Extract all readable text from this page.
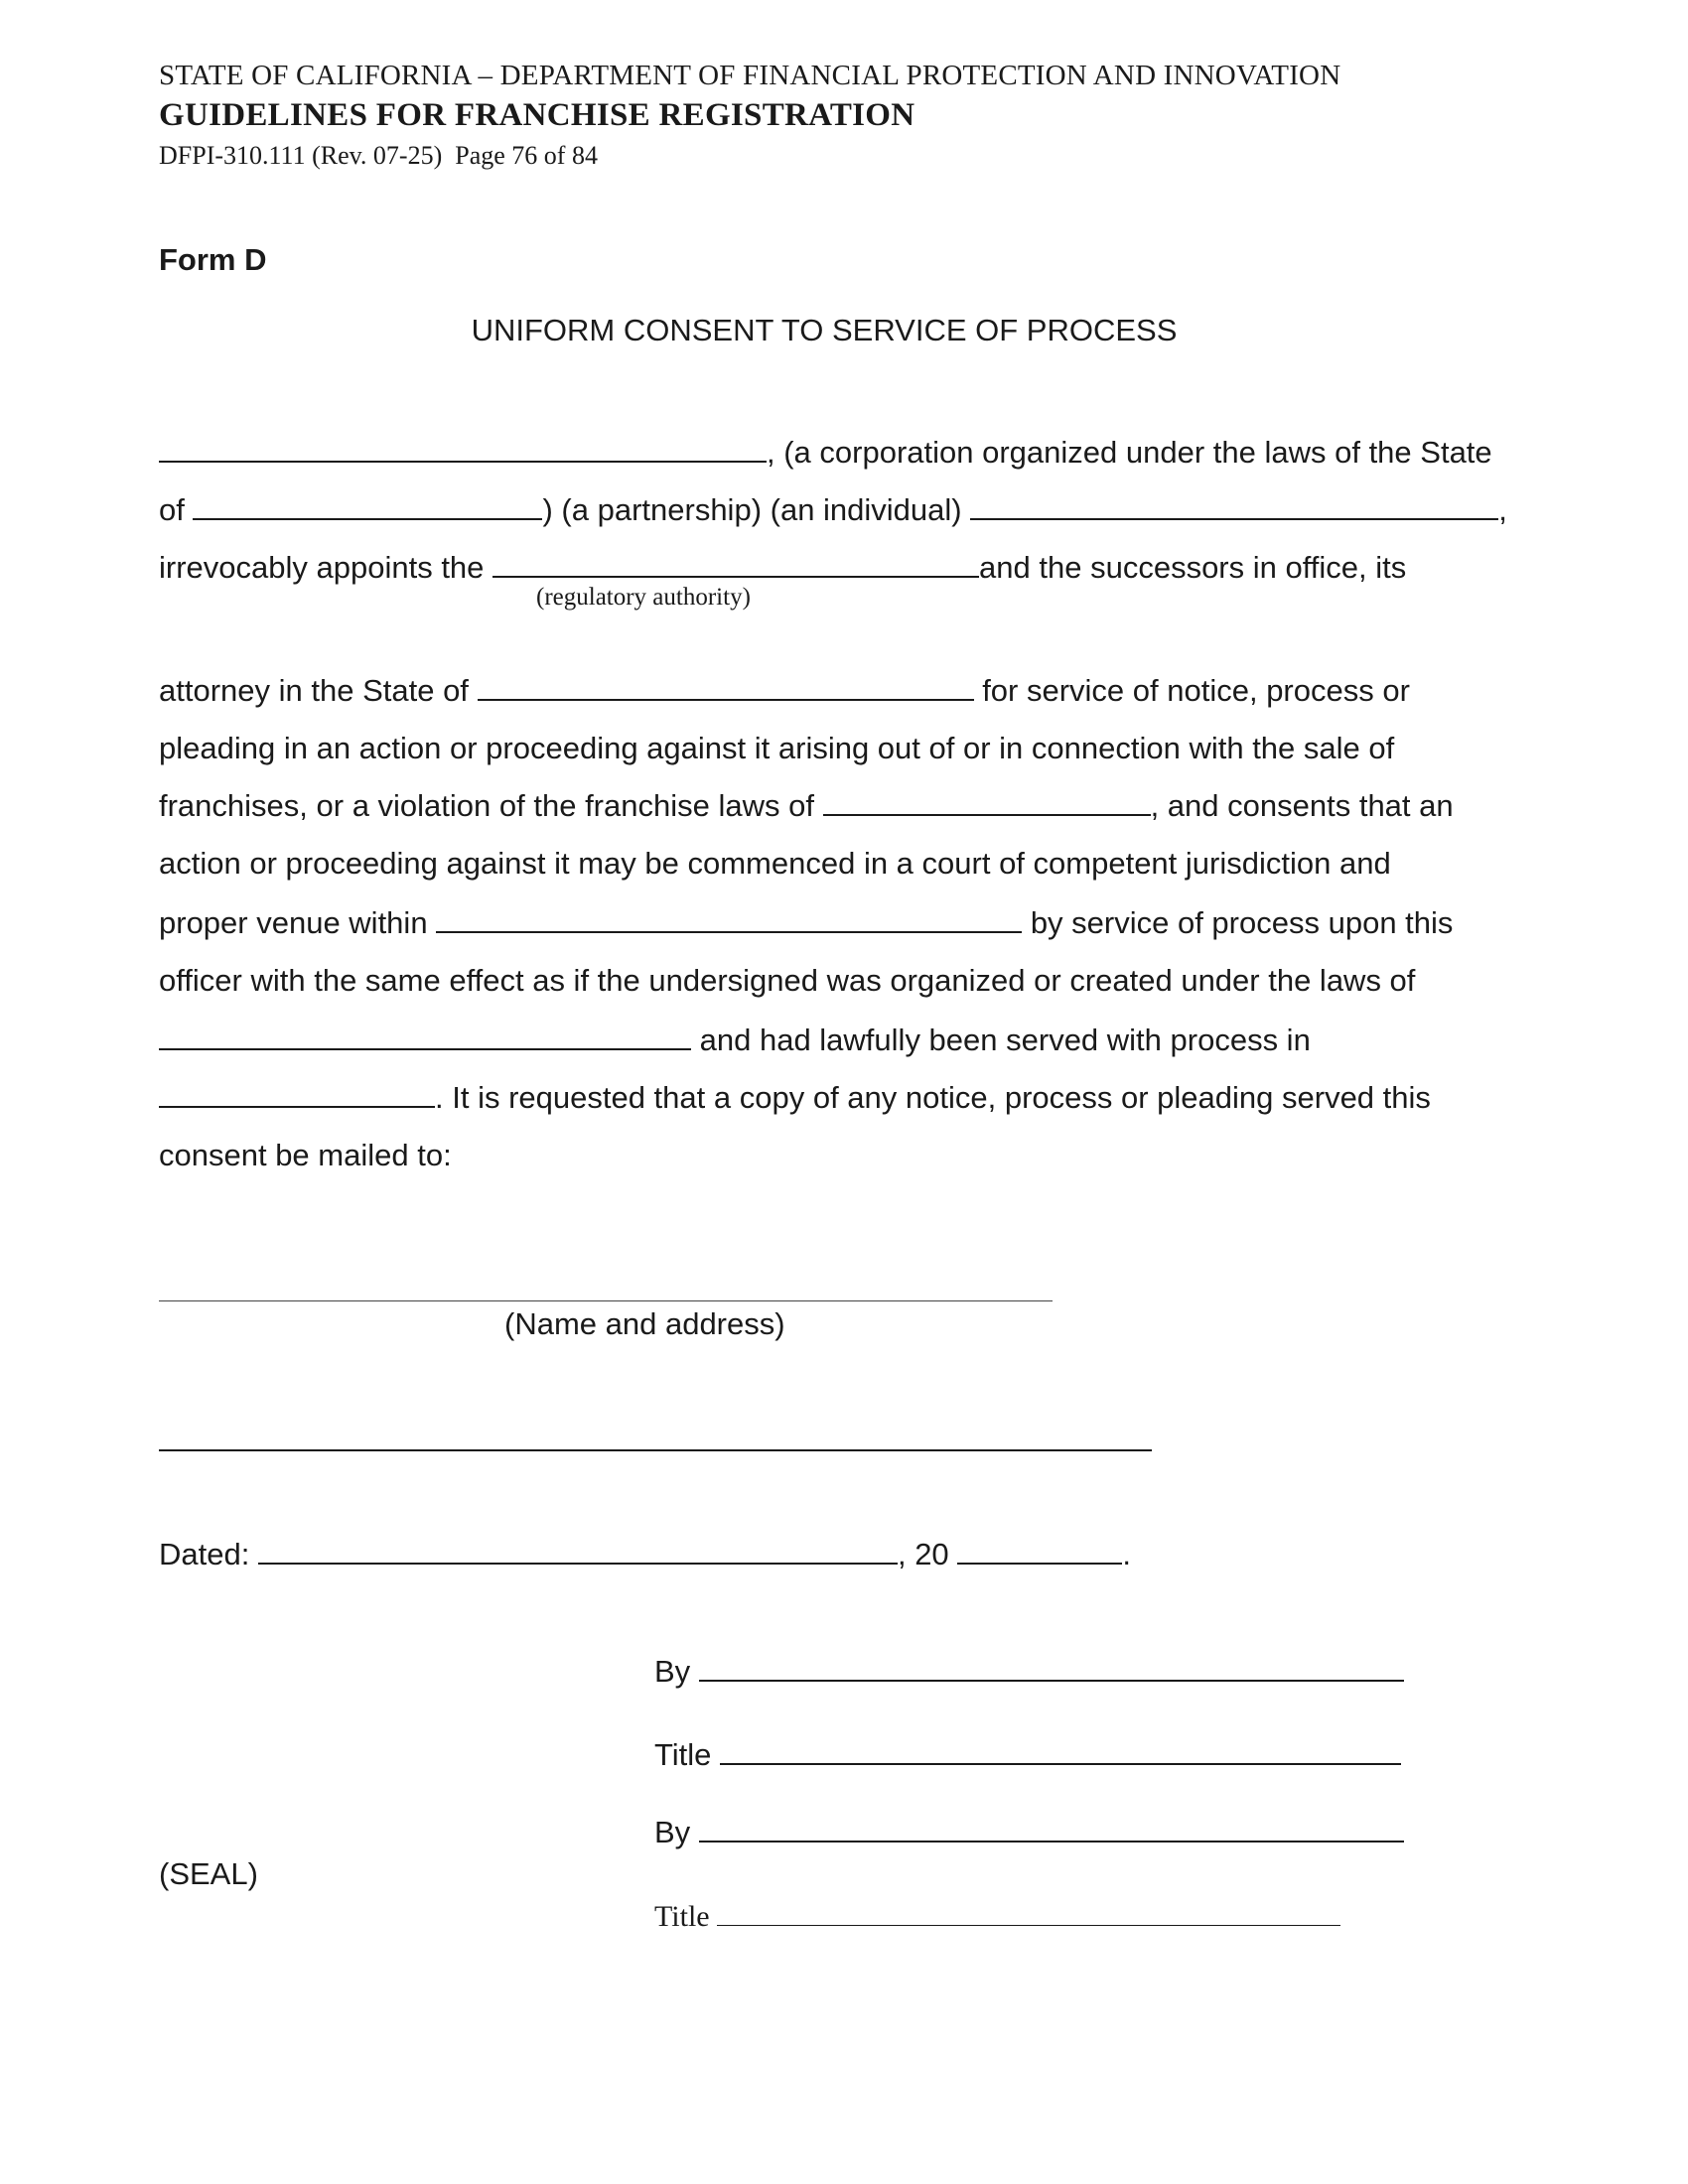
STATE OF CALIFORNIA – DEPARTMENT OF FINANCIAL PROTECTION AND INNOVATION
GUIDELINES FOR FRANCHISE REGISTRATION
DFPI-310.111 (Rev. 07-25) Page 76 of 84
Form D
UNIFORM CONSENT TO SERVICE OF PROCESS
, (a corporation organized under the laws of the State
of	) (a partnership) (an individual)	,
irrevocably appoints the	and the successors in office, its
(regulatory authority)
attorney in the State of	for service of notice, process or
pleading in an action or proceeding against it arising out of or in connection with the sale of
franchises, or a violation of the franchise laws of	, and consents that an
action or proceeding against it may be commenced in a court of competent jurisdiction and
proper venue within	by service of process upon this
officer with the same effect as if the undersigned was organized or created under the laws of
and had lawfully been served with process in
. It is requested that a copy of any notice, process or pleading served this
consent be mailed to:
(Name and address)
Dated:	, 20	.
By
Title
By
(SEAL)
Title
